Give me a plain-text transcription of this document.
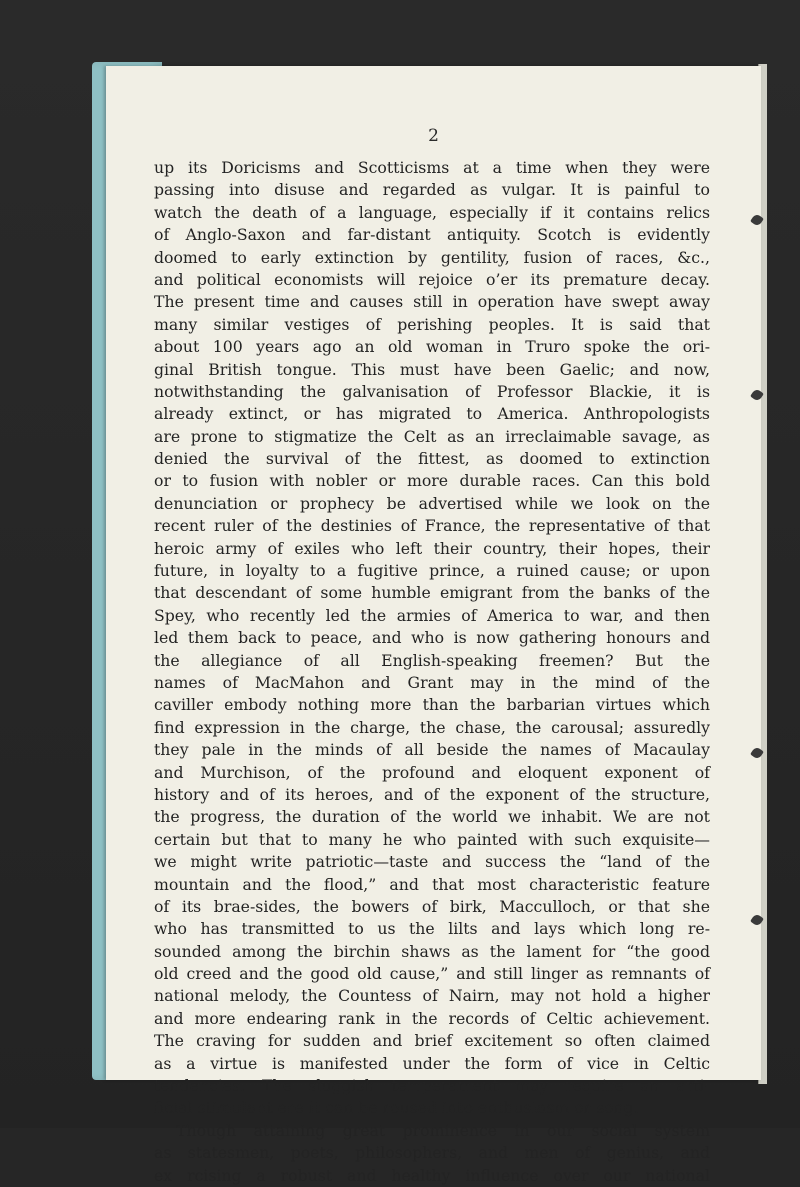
2
up its Doricisms and Scotticisms at a time when they were
passing into disuse and regarded as vulgar. It is painful to
watch the death of a language, especially if it contains relics
of Anglo-Saxon and far-distant antiquity. Scotch is evidently
doomed to early extinction by gentility, fusion of races, &c.,
and political economists will rejoice o’er its premature decay.
The present time and causes still in operation have swept away
many similar vestiges of perishing peoples. It is said that
about 100 years ago an old woman in Truro spoke the ori-
ginal British tongue. This must have been Gaelic; and now,
notwithstanding the galvanisation of Professor Blackie, it is
already extinct, or has migrated to America. Anthropologists
are prone to stigmatize the Celt as an irreclaimable savage, as
denied the survival of the fittest, as doomed to extinction
or to fusion with nobler or more durable races. Can this bold
denunciation or prophecy be advertised while we look on the
recent ruler of the destinies of France, the representative of that
heroic army of exiles who left their country, their hopes, their
future, in loyalty to a fugitive prince, a ruined cause; or upon
that descendant of some humble emigrant from the banks of the
Spey, who recently led the armies of America to war, and then
led them back to peace, and who is now gathering honours and
the allegiance of all English-speaking freemen? But the
names of MacMahon and Grant may in the mind of the
caviller embody nothing more than the barbarian virtues which
find expression in the charge, the chase, the carousal; assuredly
they pale in the minds of all beside the names of Macaulay
and Murchison, of the profound and eloquent exponent of
history and of its heroes, and of the exponent of the structure,
the progress, the duration of the world we inhabit. We are not
certain but that to many he who painted with such exquisite—
we might write patriotic—taste and success the “land of the
mountain and the flood,” and that most characteristic feature
of its brae-sides, the bowers of birk, Macculloch, or that she
who has transmitted to us the lilts and lays which long re-
sounded among the birchin shaws as the lament for “the good
old creed and the good old cause,” and still linger as remnants of
national melody, the Countess of Nairn, may not hold a higher
and more endearing rank in the records of Celtic achievement.
The craving for sudden and brief excitement so often claimed
as a virtue is manifested under the form of vice in Celtic
tendencies. The sluggish temperament may require an arti-
ficial stimulant ere it can be roused into enthusiasm or song.
Though attaining great prominence in our social system
as statesmen, poets, philosophers, and men of genius, and
ex rcising a robust and healthy influence over our national
